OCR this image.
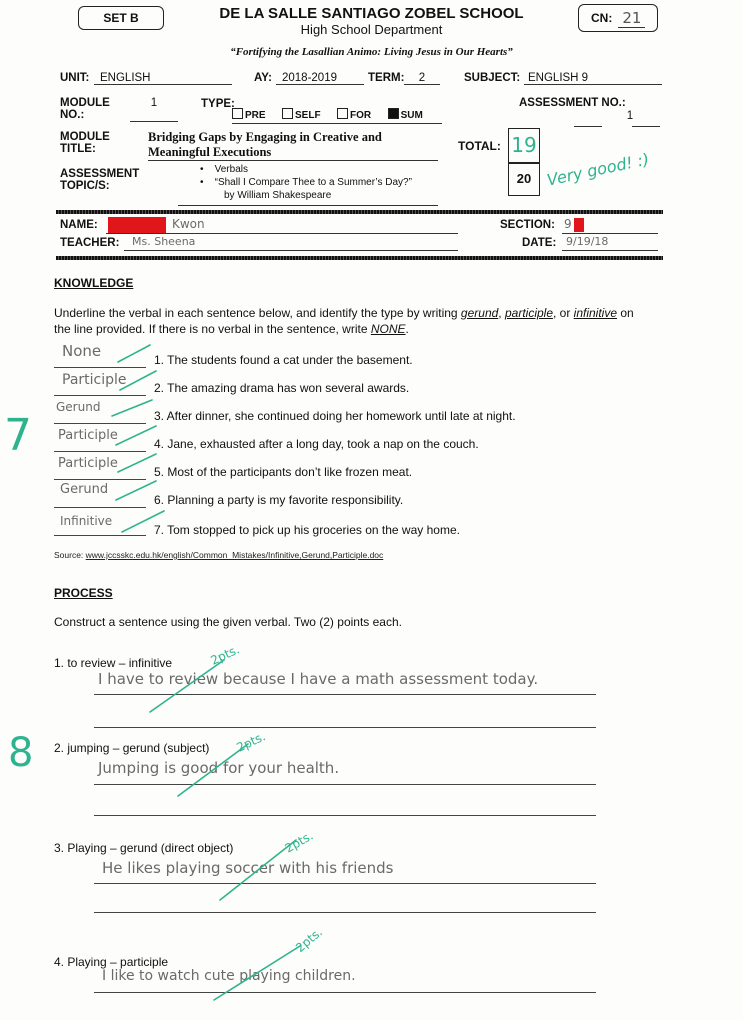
SET B	CN: 21
DE LA SALLE SANTIAGO ZOBEL SCHOOL
High School Department
“Fortifying the Lasallian Animo: Living Jesus in Our Hearts”
UNIT: ENGLISH	AY: 2018-2019	TERM:	2	SUBJECT: ENGLISH 9
MODULE
NO.:
1	TYPE:
PRE	SELF	FOR	SUM
ASSESSMENT NO.:
1
MODULE
TITLE:
Bridging Gaps by Engaging in Creative and
Meaningful Executions	TOTAL: 19
20 Very good! :)
ASSESSMENT
TOPIC/S:
•    Verbals
•    “Shall I Compare Thee to a Summer’s Day?”
by William Shakespeare
NAME:	Kwon	SECTION: 9
TEACHER:	Ms. Sheena	DATE: 9/19/18
KNOWLEDGE
Underline the verbal in each sentence below, and identify the type by writing gerund, participle, or infinitive on
the line provided. If there is no verbal in the sentence, write NONE.
7
None	1. The students found a cat under the basement.
Participle 2. The amazing drama has won several awards.
Gerund
3. After dinner, she continued doing her homework until late at night.
Participle
4. Jane, exhausted after a long day, took a nap on the couch.
Participle
5. Most of the participants don’t like frozen meat.
Gerund
6. Planning a party is my favorite responsibility.
Infinitive
7. Tom stopped to pick up his groceries on the way home.
Source: www.jccsskc.edu.hk/english/Common_Mistakes/Infinitive,Gerund,Participle.doc
PROCESS
Construct a sentence using the given verbal. Two (2) points each.
8
1. to review – infinitive
I have to review because I have a math assessment today.
2pts.
2. jumping – gerund (subject)
Jumping is good for your health.
2pts.
3. Playing – gerund (direct object)
He likes playing soccer with his friends
2pts.
4. Playing – participle
I like to watch cute playing children.
2pts.
